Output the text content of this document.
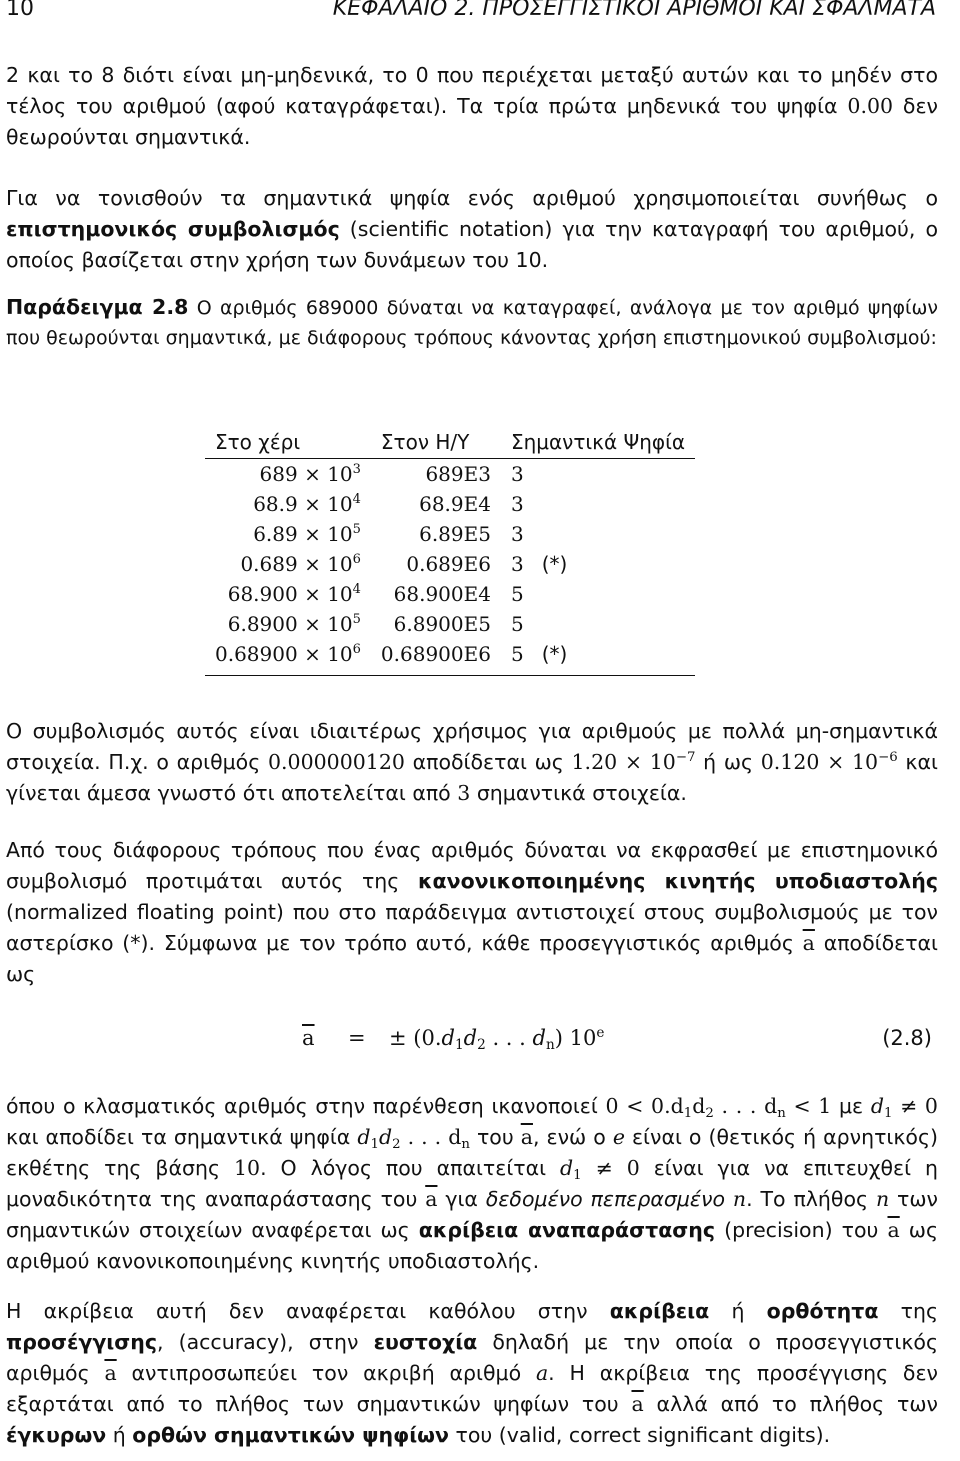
10	ΚΕΦΑΛΑΙΟ 2. ΠΡΟΣΕΓΓΙΣΤΙΚΟΙ ΑΡΙΘΜΟΙ ΚΑΙ ΣΦΑΛΜΑΤΑ
2 και το 8 διότι είναι μη-μηδενικά, το 0 που περιέχεται μεταξύ αυτών και το μηδέν στο τέλος του αριθμού (αφού καταγράφεται). Τα τρία πρώτα μηδενικά του ψηφία 0.00 δεν θεωρούνται σημαντικά.
Για να τονισθούν τα σημαντικά ψηφία ενός αριθμού χρησιμοποιείται συνήθως ο επιστημονικός συμβολισμός (scientific notation) για την καταγραφή του αριθμού, ο οποίος βασίζεται στην χρήση των δυνάμεων του 10.
Παράδειγμα 2.8 Ο αριθμός 689000 δύναται να καταγραφεί, ανάλογα με τον αριθμό ψηφίων που θεωρούνται σημαντικά, με διάφορους τρόπους κάνοντας χρήση επιστημονικού συμβολισμού:
Στο χέρι	Στον Η/Υ	Σημαντικά Ψηφία
$689 \times 10^3$	689E3	3
$68.9 \times 10^4$	68.9E4	3
$6.89 \times 10^5$	6.89E5	3
$0.689 \times 10^6$	0.689E6	3 (*)
$68.900 \times 10^4$	68.900E4	5
$6.8900 \times 10^5$	6.8900E5	5
$0.68900 \times 10^6$	0.68900E6	5 (*)
Ο συμβολισμός αυτός είναι ιδιαιτέρως χρήσιμος για αριθμούς με πολλά μη-σημαντικά στοιχεία. Π.χ. ο αριθμός 0.000000120 αποδίδεται ως $1.20 \times 10^{-7}$ ή ως $0.120 \times 10^{-6}$ και γίνεται άμεσα γνωστό ότι αποτελείται από 3 σημαντικά στοιχεία.
Από τους διάφορους τρόπους που ένας αριθμός δύναται να εκφρασθεί με επιστημονικό συμβολισμό προτιμάται αυτός της κανονικοποιημένης κινητής υποδιαστολής (normalized floating point) που στο παράδειγμα αντιστοιχεί στους συμβολισμούς με τον αστερίσκο (*). Σύμφωνα με τον τρόπο αυτό, κάθε προσεγγιστικός αριθμός $\overline{a}$ αποδίδεται ως
$\overline{a}$ = ± ($0.d_1d_2$ . . . $d_n$) 10e	(2.8)
όπου ο κλασματικός αριθμός στην παρένθεση ικανοποιεί $0 < 0.d_1d_2$ . . . $d_n < 1$ με $d_1 \ne 0$ και αποδίδει τα σημαντικά ψηφία $d_1d_2$ . . . $d_n$ του $\overline{a}$, ενώ ο e είναι ο (θετικός ή αρνητικός) εκθέτης της βάσης 10. Ο λόγος που απαιτείται $d_1 \ne 0$ είναι για να επιτευχθεί η μοναδικότητα της αναπαράστασης του $\overline{a}$ για δεδομένο πεπερασμένο n. Το πλήθος n των σημαντικών στοιχείων αναφέρεται ως ακρίβεια αναπαράστασης (precision) του $\overline{a}$ ως αριθμού κανονικοποιημένης κινητής υποδιαστολής.
Η ακρίβεια αυτή δεν αναφέρεται καθόλου στην ακρίβεια ή ορθότητα της προσέγγισης, (accuracy), στην ευστοχία δηλαδή με την οποία ο προσεγγιστικός αριθμός $\overline{a}$ αντιπροσωπεύει τον ακριβή αριθμό a. Η ακρίβεια της προσέγγισης δεν εξαρτάται από το πλήθος των σημαντικών ψηφίων του $\overline{a}$ αλλά από το πλήθος των έγκυρων ή ορθών σημαντικών ψηφίων του (valid, correct significant digits).
